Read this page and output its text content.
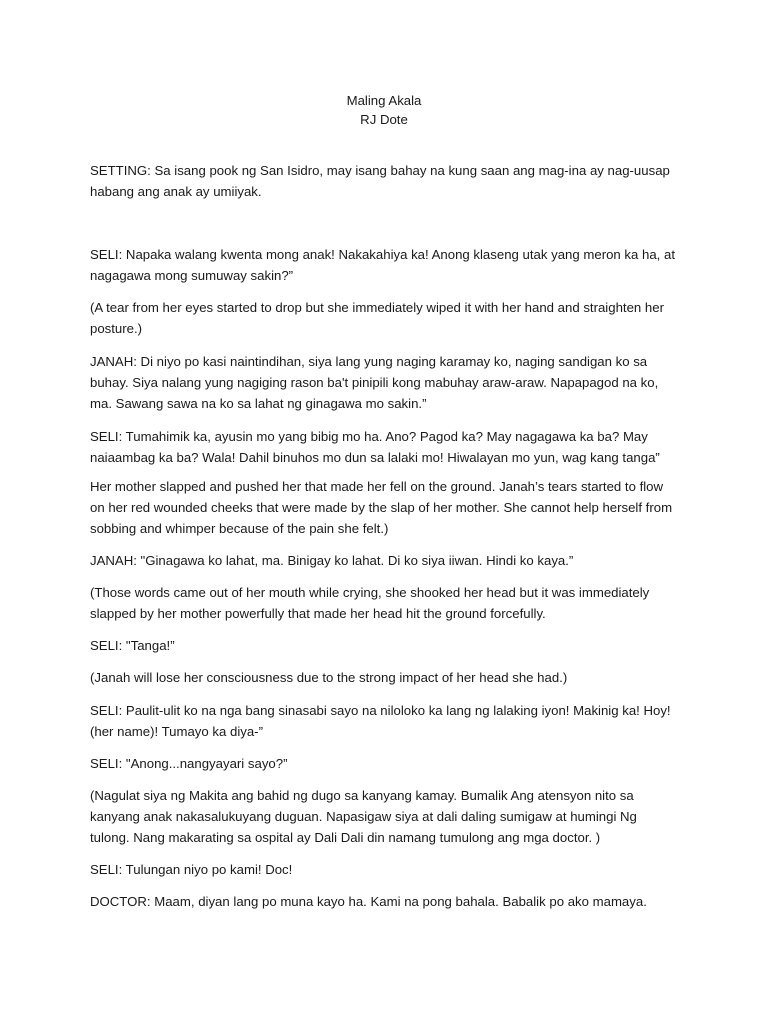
Maling Akala
RJ Dote

SETTING: Sa isang pook ng San Isidro, may isang bahay na kung saan ang mag-ina ay nag-uusap habang ang anak ay umiiyak.

SELI: Napaka walang kwenta mong anak! Nakakahiya ka! Anong klaseng utak yang meron ka ha, at nagagawa mong sumuway sakin?”

(A tear from her eyes started to drop but she immediately wiped it with her hand and straighten her posture.)

JANAH: Di niyo po kasi naintindihan, siya lang yung naging karamay ko, naging sandigan ko sa buhay. Siya nalang yung nagiging rason ba't pinipili kong mabuhay araw-araw. Napapagod na ko, ma. Sawang sawa na ko sa lahat ng ginagawa mo sakin.”

SELI: Tumahimik ka, ayusin mo yang bibig mo ha. Ano? Pagod ka? May nagagawa ka ba? May naiaambag ka ba? Wala! Dahil binuhos mo dun sa lalaki mo! Hiwalayan mo yun, wag kang tanga”

Her mother slapped and pushed her that made her fell on the ground. Janah’s tears started to flow on her red wounded cheeks that were made by the slap of her mother. She cannot help herself from sobbing and whimper because of the pain she felt.)

JANAH: "Ginagawa ko lahat, ma. Binigay ko lahat. Di ko siya iiwan. Hindi ko kaya.”

(Those words came out of her mouth while crying, she shooked her head but it was immediately slapped by her mother powerfully that made her head hit the ground forcefully.

SELI: "Tanga!”

(Janah will lose her consciousness due to the strong impact of her head she had.)

SELI: Paulit-ulit ko na nga bang sinasabi sayo na nilolok​o ka lang ng lalaking iyon! Makinig ka! Hoy! (her name)! Tumayo ka diya-”

SELI: "Anong...nangyayari sayo?”

(Nagulat siya ng Makita ang bahid ng dugo sa kanyang kamay. Bumalik Ang atensyon nito sa kanyang anak nakasalukuyang duguan. Napasigaw siya at dali daling sumigaw at humingi Ng tulong. Nang makarating sa ospital ay Dali Dali din namang tumulong ang mga doctor. )

SELI: Tulungan niyo po kami! Doc!

DOCTOR: Maam, diyan lang po muna kayo ha. Kami na pong bahala. Babalik po ako mamaya.
